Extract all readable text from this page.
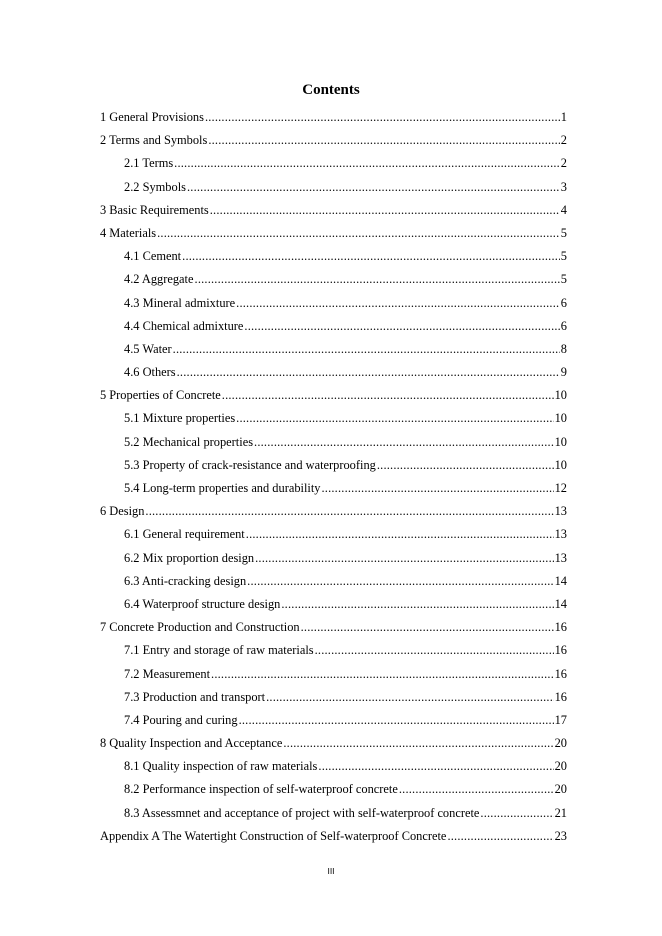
Contents
1 General Provisions .....	1
2 Terms and Symbols .....	2
2.1 Terms .....	2
2.2 Symbols .....	3
3 Basic Requirements .....	4
4 Materials .....	5
4.1 Cement .....	5
4.2 Aggregate .....	5
4.3 Mineral admixture .....	6
4.4 Chemical admixture .....	6
4.5 Water .....	8
4.6 Others .....	9
5 Properties of Concrete .....	10
5.1 Mixture properties .....	10
5.2 Mechanical properties .....	10
5.3 Property of crack-resistance and waterproofing .....	10
5.4 Long-term properties and durability .....	12
6 Design .....	13
6.1 General requirement .....	13
6.2 Mix proportion design .....	13
6.3 Anti-cracking design .....	14
6.4 Waterproof structure design .....	14
7 Concrete Production and Construction .....	16
7.1 Entry and storage of raw materials .....	16
7.2 Measurement .....	16
7.3 Production and transport .....	16
7.4 Pouring and curing .....	17
8 Quality Inspection and Acceptance .....	20
8.1 Quality inspection of raw materials .....	20
8.2 Performance inspection of self-waterproof concrete .....	20
8.3 Assessmnet and acceptance of project with self-waterproof concrete .....	21
Appendix A The Watertight Construction of Self-waterproof Concrete .....	23
III
